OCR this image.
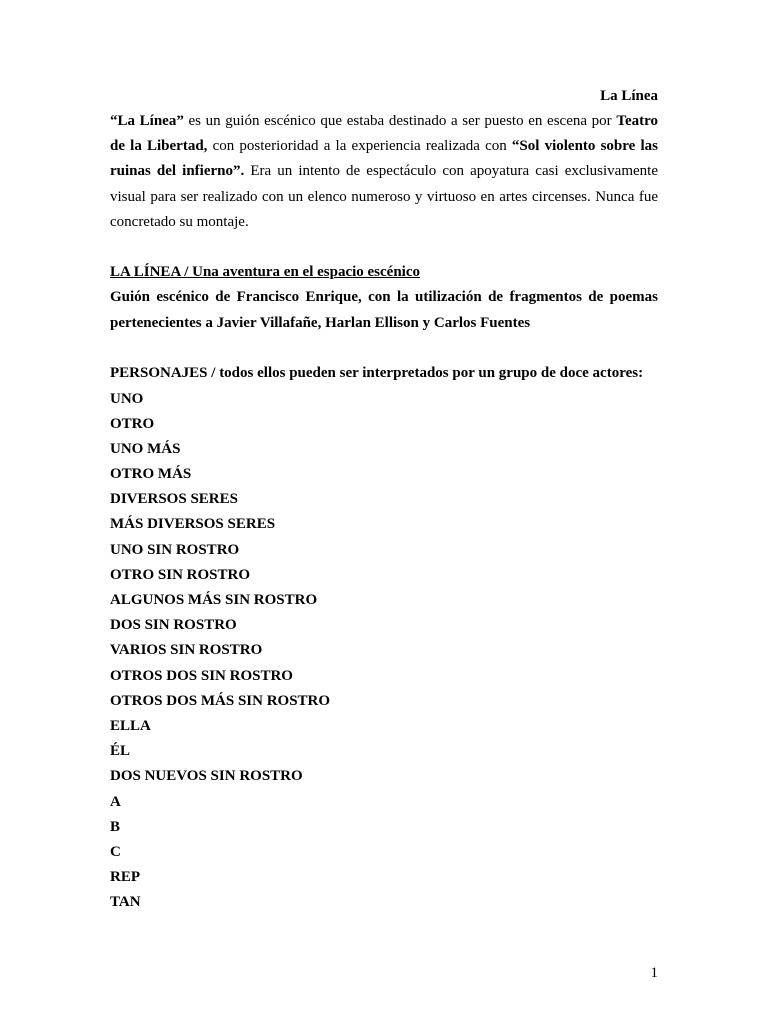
La Línea

“La Línea” es un guión escénico que estaba destinado a ser puesto en escena por Teatro de la Libertad, con posterioridad a la experiencia realizada con “Sol violento sobre las ruinas del infierno”. Era un intento de espectáculo con apoyatura casi exclusivamente visual para ser realizado con un elenco numeroso y virtuoso en artes circenses. Nunca fue concretado su montaje.

LA LÍNEA / Una aventura en el espacio escénico

Guión escénico de Francisco Enrique, con la utilización de fragmentos de poemas pertenecientes a Javier Villafañe, Harlan Ellison y Carlos Fuentes

PERSONAJES / todos ellos pueden ser interpretados por un grupo de doce actores:

UNO
OTRO
UNO MÁS
OTRO MÁS
DIVERSOS SERES
MÁS DIVERSOS SERES
UNO SIN ROSTRO
OTRO SIN ROSTRO
ALGUNOS MÁS SIN ROSTRO
DOS SIN ROSTRO
VARIOS SIN ROSTRO
OTROS DOS SIN ROSTRO
OTROS DOS MÁS SIN ROSTRO
ELLA
ÉL
DOS NUEVOS SIN ROSTRO
A
B
C
REP
TAN
1
